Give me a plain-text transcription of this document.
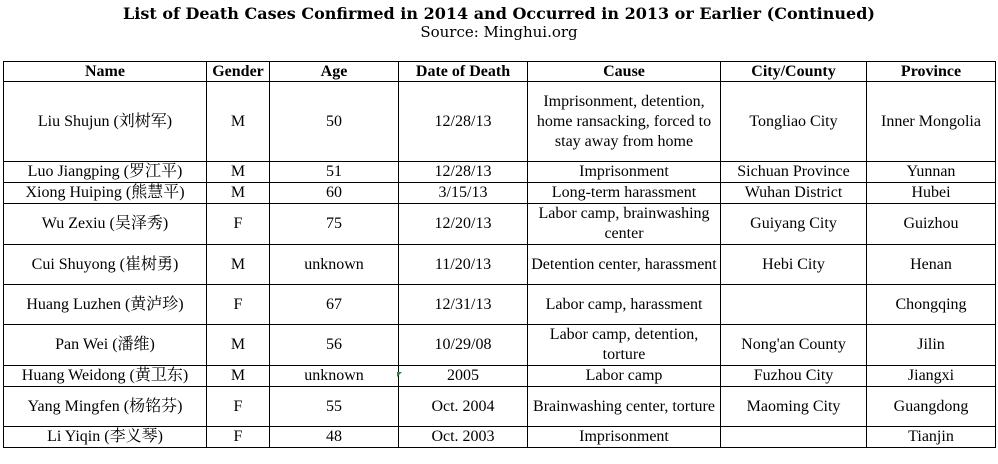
List of Death Cases Confirmed in 2014 and Occurred in 2013 or Earlier (Continued)
Source: Minghui.org
Name	Gender	Age	Date of Death	Cause	City/County	Province
Liu Shujun (刘树军)	M	50	12/28/13	Imprisonment, detention, home ransacking, forced to stay away from home	Tongliao City	Inner Mongolia
Luo Jiangping (罗江平)	M	51	12/28/13	Imprisonment	Sichuan Province	Yunnan
Xiong Huiping (熊慧平)	M	60	3/15/13	Long-term harassment	Wuhan District	Hubei
Wu Zexiu (吴泽秀)	F	75	12/20/13	Labor camp, brainwashing center	Guiyang City	Guizhou
Cui Shuyong (崔树勇)	M	unknown	11/20/13	Detention center, harassment	Hebi City	Henan
Huang Luzhen (黄泸珍)	F	67	12/31/13	Labor camp, harassment		Chongqing
Pan Wei (潘维)	M	56	10/29/08	Labor camp, detention, torture	Nong'an County	Jilin
Huang Weidong (黄卫东)	M	unknown	2005	Labor camp	Fuzhou City	Jiangxi
Yang Mingfen (杨铭芬)	F	55	Oct. 2004	Brainwashing center, torture	Maoming City	Guangdong
Li Yiqin (李义琴)	F	48	Oct. 2003	Imprisonment		Tianjin
